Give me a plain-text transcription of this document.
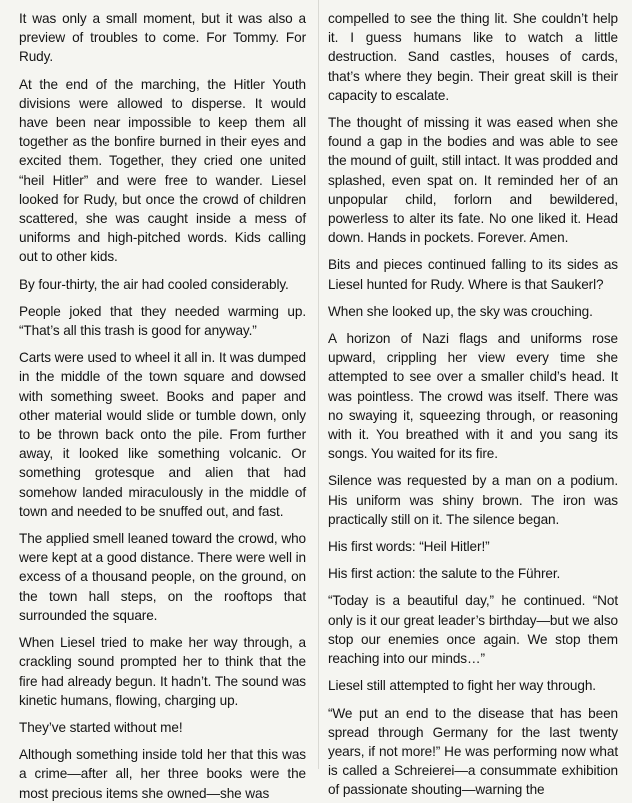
It was only a small moment, but it was also a preview of troubles to come. For Tommy. For Rudy.

At the end of the marching, the Hitler Youth divisions were allowed to disperse. It would have been near impossible to keep them all together as the bonfire burned in their eyes and excited them. Together, they cried one united “heil Hitler” and were free to wander. Liesel looked for Rudy, but once the crowd of children scattered, she was caught inside a mess of uniforms and high-pitched words. Kids calling out to other kids.

By four-thirty, the air had cooled considerably.

People joked that they needed warming up. “That’s all this trash is good for anyway.”

Carts were used to wheel it all in. It was dumped in the middle of the town square and dowsed with something sweet. Books and paper and other material would slide or tumble down, only to be thrown back onto the pile. From further away, it looked like something volcanic. Or something grotesque and alien that had somehow landed miraculously in the middle of town and needed to be snuffed out, and fast.

The applied smell leaned toward the crowd, who were kept at a good distance. There were well in excess of a thousand people, on the ground, on the town hall steps, on the rooftops that surrounded the square.

When Liesel tried to make her way through, a crackling sound prompted her to think that the fire had already begun. It hadn’t. The sound was kinetic humans, flowing, charging up.

They’ve started without me!

Although something inside told her that this was a crime—after all, her three books were the most precious items she owned—she was

compelled to see the thing lit. She couldn’t help it. I guess humans like to watch a little destruction. Sand castles, houses of cards, that’s where they begin. Their great skill is their capacity to escalate.

The thought of missing it was eased when she found a gap in the bodies and was able to see the mound of guilt, still intact. It was prodded and splashed, even spat on. It reminded her of an unpopular child, forlorn and bewildered, powerless to alter its fate. No one liked it. Head down. Hands in pockets. Forever. Amen.

Bits and pieces continued falling to its sides as Liesel hunted for Rudy. Where is that Saukerl?

When she looked up, the sky was crouching.

A horizon of Nazi flags and uniforms rose upward, crippling her view every time she attempted to see over a smaller child’s head. It was pointless. The crowd was itself. There was no swaying it, squeezing through, or reasoning with it. You breathed with it and you sang its songs. You waited for its fire.

Silence was requested by a man on a podium. His uniform was shiny brown. The iron was practically still on it. The silence began.

His first words: “Heil Hitler!”

His first action: the salute to the Führer.

“Today is a beautiful day,” he continued. “Not only is it our great leader’s birthday—but we also stop our enemies once again. We stop them reaching into our minds…”

Liesel still attempted to fight her way through.

“We put an end to the disease that has been spread through Germany for the last twenty years, if not more!” He was performing now what is called a Schreierei—a consummate exhibition of passionate shouting—warning the
